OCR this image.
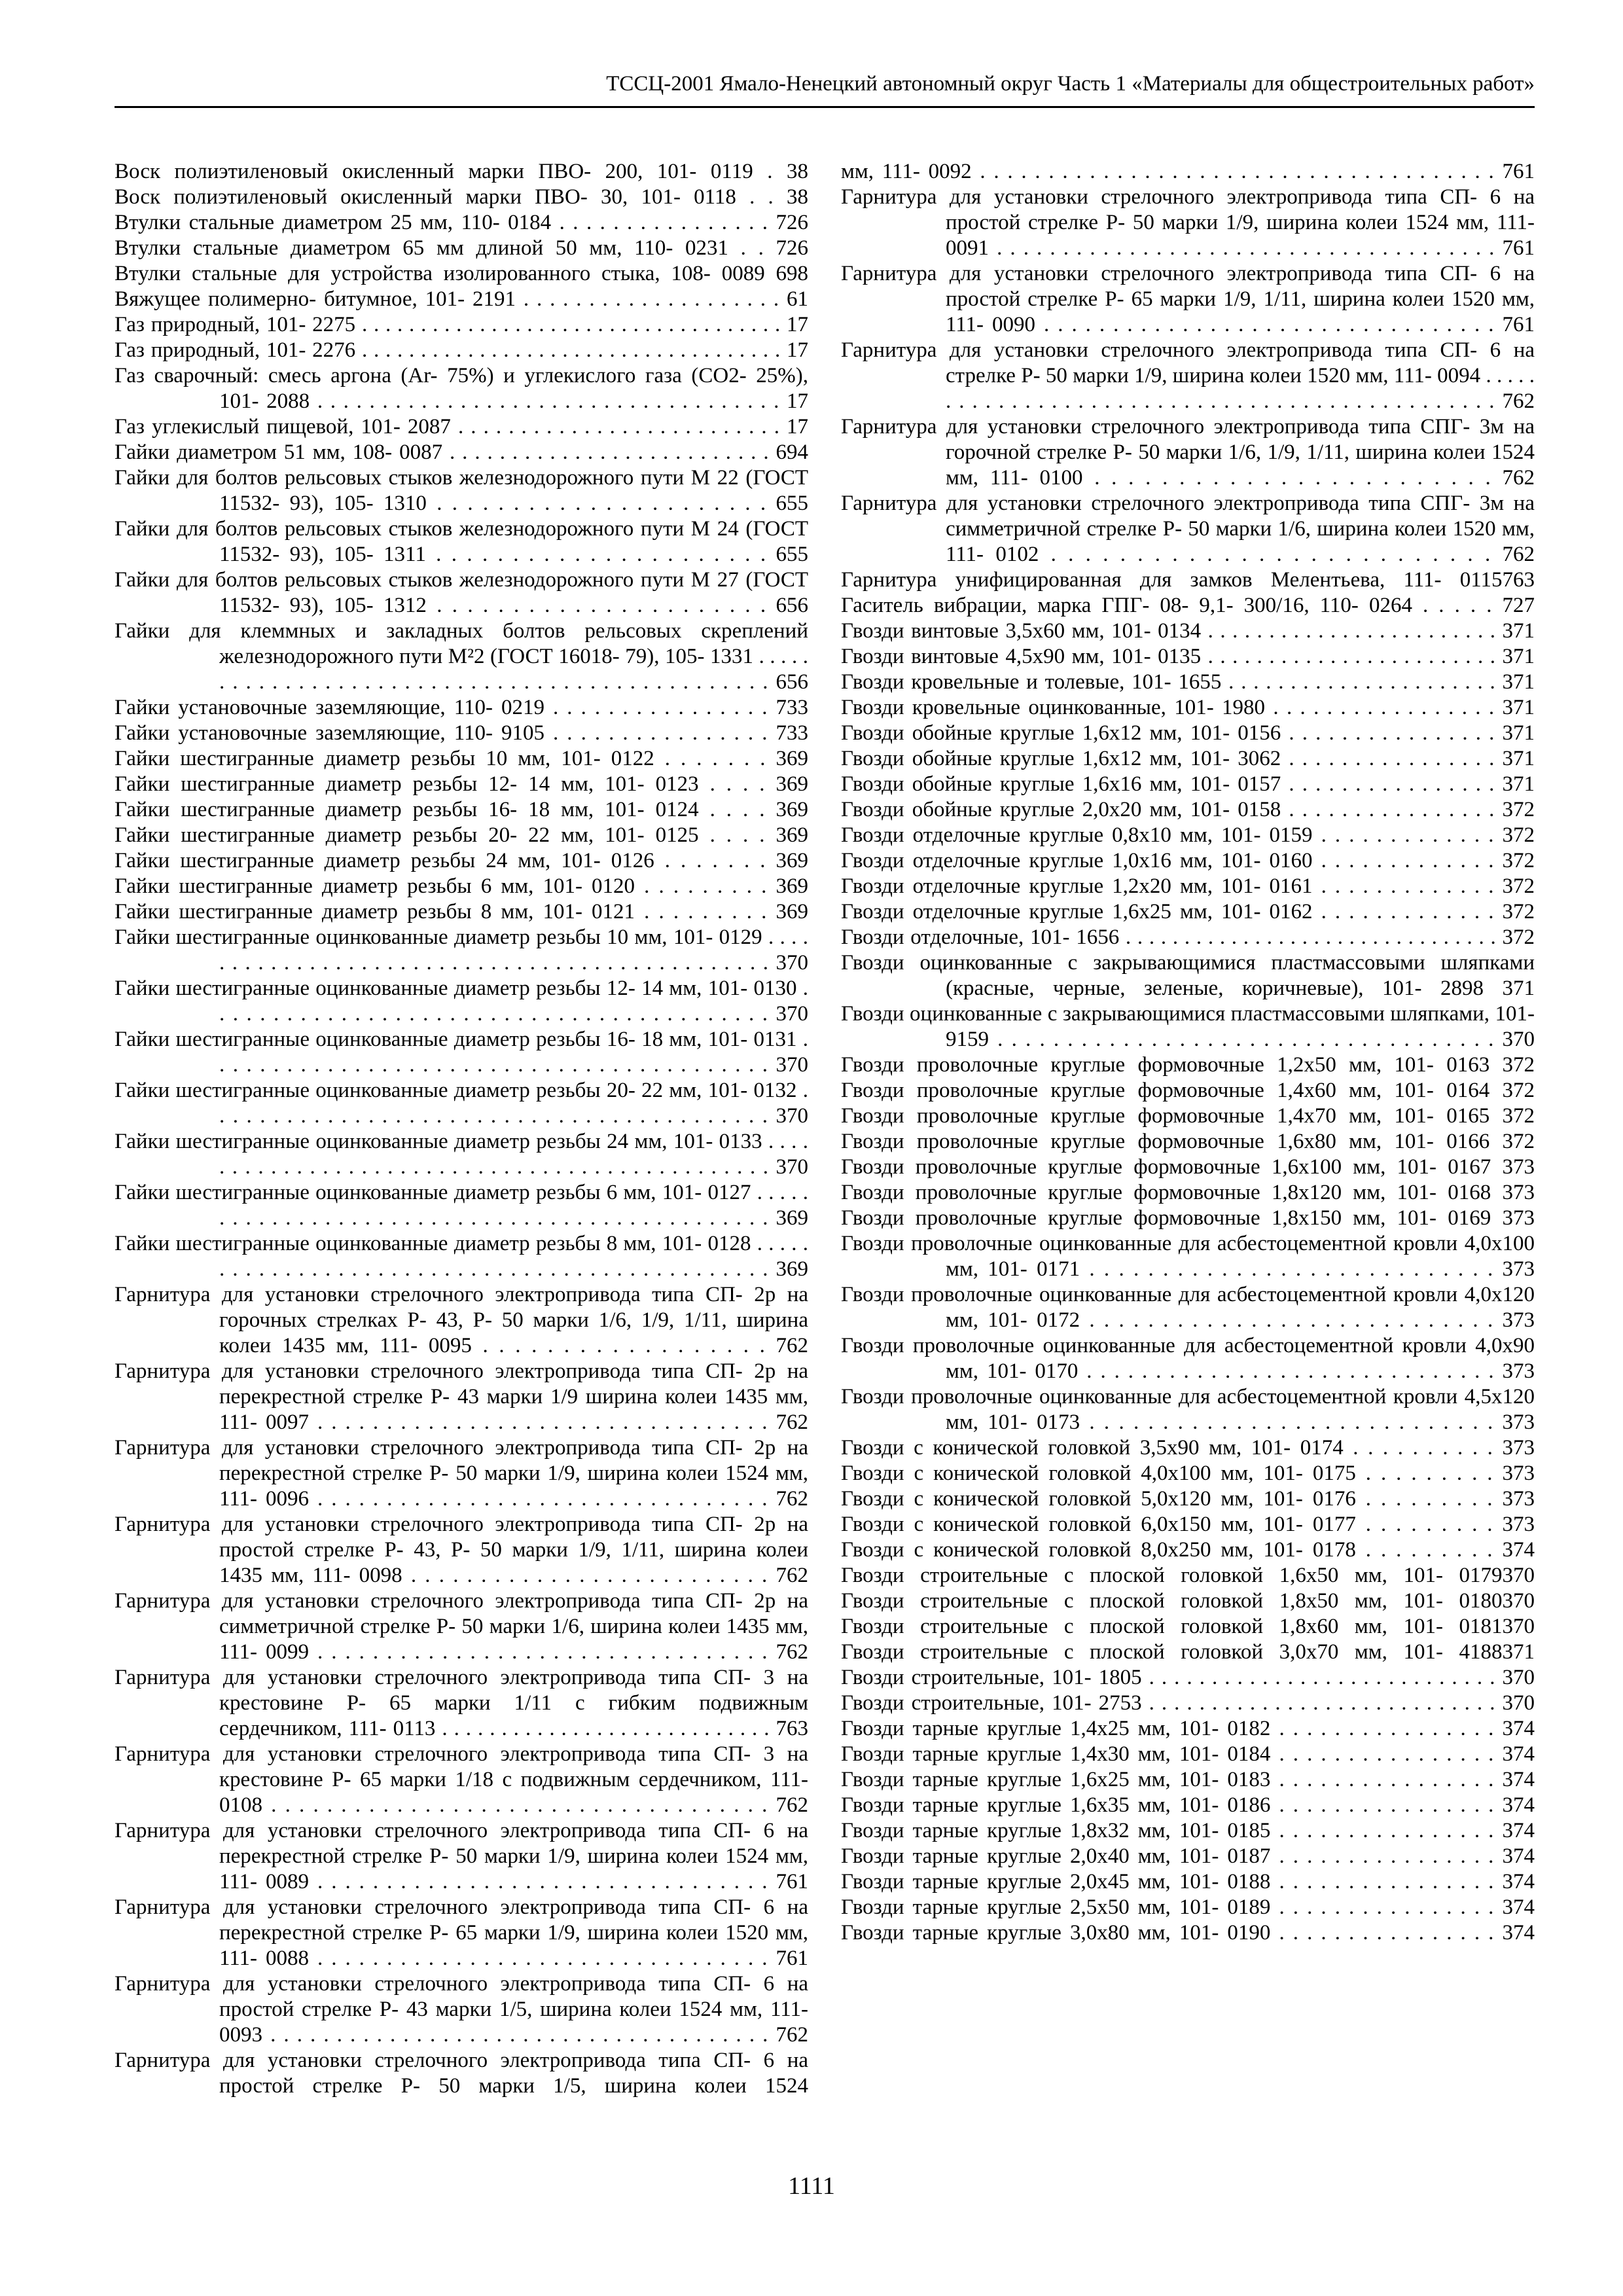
ТССЦ-2001 Ямало-Ненецкий автономный округ Часть 1 «Материалы для общестроительных работ»
Воск полиэтиленовый окисленный марки ПВО- 200, 101- 0119 . 38
Воск полиэтиленовый окисленный марки ПВО- 30, 101- 0118 . . 38
Втулки стальные диаметром 25 мм, 110- 0184 . . . . . . . . . . . . . . . . 726
Втулки стальные диаметром 65 мм длиной 50 мм, 110- 0231 . . 726
Втулки стальные для устройства изолированного стыка, 108- 0089 698
Вяжущее полимерно- битумное, 101- 2191 . . . . . . . . . . . . . . . . . . . . 61
Газ природный, 101- 2275 . . . . . . . . . . . . . . . . . . . . . . . . . . . . . . . . . . . . 17
Газ природный, 101- 2276 . . . . . . . . . . . . . . . . . . . . . . . . . . . . . . . . . . . . 17
Газ сварочный: смесь аргона (Ar- 75%) и углекислого газа (СО2- 25%), 101- 2088 . . . . . . . . . . . . . . . . . . . . . . . . . . . . . . . . . . . . 17
Газ углекислый пищевой, 101- 2087 . . . . . . . . . . . . . . . . . . . . . . . . . . 17
Гайки диаметром 51 мм, 108- 0087 . . . . . . . . . . . . . . . . . . . . . . . . . . 694
Гайки для болтов рельсовых стыков железнодорожного пути М 22 (ГОСТ 11532- 93), 105- 1310 . . . . . . . . . . . . . . . . . . . . . . 655
Гайки для болтов рельсовых стыков железнодорожного пути М 24 (ГОСТ 11532- 93), 105- 1311 . . . . . . . . . . . . . . . . . . . . . . 655
Гайки для болтов рельсовых стыков железнодорожного пути М 27 (ГОСТ 11532- 93), 105- 1312 . . . . . . . . . . . . . . . . . . . . . . 656
Гайки для клеммных и закладных болтов рельсовых скреплений железнодорожного пути М²2 (ГОСТ 16018- 79), 105- 1331 . . . . . . . . . . . . . . . . . . . . . . . . . . . . . . . . . . . . . . . . . . . . . . . 656
Гайки установочные заземляющие, 110- 0219 . . . . . . . . . . . . . . . . 733
Гайки установочные заземляющие, 110- 9105 . . . . . . . . . . . . . . . . 733
Гайки шестигранные диаметр резьбы 10 мм, 101- 0122 . . . . . . . 369
Гайки шестигранные диаметр резьбы 12- 14 мм, 101- 0123 . . . . 369
Гайки шестигранные диаметр резьбы 16- 18 мм, 101- 0124 . . . . 369
Гайки шестигранные диаметр резьбы 20- 22 мм, 101- 0125 . . . . 369
Гайки шестигранные диаметр резьбы 24 мм, 101- 0126 . . . . . . . 369
Гайки шестигранные диаметр резьбы 6 мм, 101- 0120 . . . . . . . . . 369
Гайки шестигранные диаметр резьбы 8 мм, 101- 0121 . . . . . . . . . 369
Гайки шестигранные оцинкованные диаметр резьбы 10 мм, 101- 0129 . . . . . . . . . . . . . . . . . . . . . . . . . . . . . . . . . . . . . . . . . . . . . . . 370
Гайки шестигранные оцинкованные диаметр резьбы 12- 14 мм, 101- 0130 . . . . . . . . . . . . . . . . . . . . . . . . . . . . . . . . . . . . . . . . . . 370
Гайки шестигранные оцинкованные диаметр резьбы 16- 18 мм, 101- 0131 . . . . . . . . . . . . . . . . . . . . . . . . . . . . . . . . . . . . . . . . . . 370
Гайки шестигранные оцинкованные диаметр резьбы 20- 22 мм, 101- 0132 . . . . . . . . . . . . . . . . . . . . . . . . . . . . . . . . . . . . . . . . . . 370
Гайки шестигранные оцинкованные диаметр резьбы 24 мм, 101- 0133 . . . . . . . . . . . . . . . . . . . . . . . . . . . . . . . . . . . . . . . . . . . . . . . 370
Гайки шестигранные оцинкованные диаметр резьбы 6 мм, 101- 0127 . . . . . . . . . . . . . . . . . . . . . . . . . . . . . . . . . . . . . . . . . . . . . . . 369
Гайки шестигранные оцинкованные диаметр резьбы 8 мм, 101- 0128 . . . . . . . . . . . . . . . . . . . . . . . . . . . . . . . . . . . . . . . . . . . . . . . 369
Гарнитура для установки стрелочного электропривода типа СП- 2р на горочных стрелках Р- 43, Р- 50 марки 1/6, 1/9, 1/11, ширина колеи 1435 мм, 111- 0095 . . . . . . . . . . . . . . . . . . 762
Гарнитура для установки стрелочного электропривода типа СП- 2р на перекрестной стрелке Р- 43 марки 1/9 ширина колеи 1435 мм, 111- 0097 . . . . . . . . . . . . . . . . . . . . . . . . . . . . . . . . . 762
Гарнитура для установки стрелочного электропривода типа СП- 2р на перекрестной стрелке Р- 50 марки 1/9, ширина колеи 1524 мм, 111- 0096 . . . . . . . . . . . . . . . . . . . . . . . . . . . . . . . . . 762
Гарнитура для установки стрелочного электропривода типа СП- 2р на простой стрелке Р- 43, Р- 50 марки 1/9, 1/11, ширина колеи 1435 мм, 111- 0098 . . . . . . . . . . . . . . . . . . . . . . . . . . 762
Гарнитура для установки стрелочного электропривода типа СП- 2р на симметричной стрелке Р- 50 марки 1/6, ширина колеи 1435 мм, 111- 0099 . . . . . . . . . . . . . . . . . . . . . . . . . . . . . . . . . 762
Гарнитура для установки стрелочного электропривода типа СП- 3 на крестовине Р- 65 марки 1/11 с гибким подвижным сердечником, 111- 0113 . . . . . . . . . . . . . . . . . . . . . . . . . . . . 763
Гарнитура для установки стрелочного электропривода типа СП- 3 на крестовине Р- 65 марки 1/18 с подвижным сердечником, 111- 0108 . . . . . . . . . . . . . . . . . . . . . . . . . . . . . . . . . . . . 762
Гарнитура для установки стрелочного электропривода типа СП- 6 на перекрестной стрелке Р- 50 марки 1/9, ширина колеи 1524 мм, 111- 0089 . . . . . . . . . . . . . . . . . . . . . . . . . . . . . . . . . 761
Гарнитура для установки стрелочного электропривода типа СП- 6 на перекрестной стрелке Р- 65 марки 1/9, ширина колеи 1520 мм, 111- 0088 . . . . . . . . . . . . . . . . . . . . . . . . . . . . . . . . . 761
Гарнитура для установки стрелочного электропривода типа СП- 6 на простой стрелке Р- 43 марки 1/5, ширина колеи 1524 мм, 111- 0093 . . . . . . . . . . . . . . . . . . . . . . . . . . . . . . . . . . . . . . 762
Гарнитура для установки стрелочного электропривода типа СП- 6 на простой стрелке Р- 50 марки 1/5, ширина колеи 1524
мм, 111- 0092 . . . . . . . . . . . . . . . . . . . . . . . . . . . . . . . . . . . . . . 761
Гарнитура для установки стрелочного электропривода типа СП- 6 на простой стрелке Р- 50 марки 1/9, ширина колеи 1524 мм, 111- 0091 . . . . . . . . . . . . . . . . . . . . . . . . . . . . . . . . . . . . . . 761
Гарнитура для установки стрелочного электропривода типа СП- 6 на простой стрелке Р- 65 марки 1/9, 1/11, ширина колеи 1520 мм, 111- 0090 . . . . . . . . . . . . . . . . . . . . . . . . . . . . . . . . . 761
Гарнитура для установки стрелочного электропривода типа СП- 6 на стрелке Р- 50 марки 1/9, ширина колеи 1520 мм, 111- 0094 . . . . . . . . . . . . . . . . . . . . . . . . . . . . . . . . . . . . . . . . . . . . . . . 762
Гарнитура для установки стрелочного электропривода типа СПГ- 3м на горочной стрелке Р- 50 марки 1/6, 1/9, 1/11, ширина колеи 1524 мм, 111- 0100 . . . . . . . . . . . . . . . . . . . . . . . . 762
Гарнитура для установки стрелочного электропривода типа СПГ- 3м на симметричной стрелке Р- 50 марки 1/6, ширина колеи 1520 мм, 111- 0102 . . . . . . . . . . . . . . . . . . . . . . . . . . 762
Гарнитура унифицированная для замков Мелентьева, 111- 0115763
Гаситель вибрации, марка ГПГ- 08- 9,1- 300/16, 110- 0264 . . . . . 727
Гвозди винтовые 3,5х60 мм, 101- 0134 . . . . . . . . . . . . . . . . . . . . . . . . 371
Гвозди винтовые 4,5х90 мм, 101- 0135 . . . . . . . . . . . . . . . . . . . . . . . . 371
Гвозди кровельные и толевые, 101- 1655 . . . . . . . . . . . . . . . . . . . . . . 371
Гвозди кровельные оцинкованные, 101- 1980 . . . . . . . . . . . . . . . . . 371
Гвозди обойные круглые 1,6х12 мм, 101- 0156 . . . . . . . . . . . . . . . . 371
Гвозди обойные круглые 1,6х12 мм, 101- 3062 . . . . . . . . . . . . . . . . 371
Гвозди обойные круглые 1,6х16 мм, 101- 0157 . . . . . . . . . . . . . . . . 371
Гвозди обойные круглые 2,0х20 мм, 101- 0158 . . . . . . . . . . . . . . . . 372
Гвозди отделочные круглые 0,8х10 мм, 101- 0159 . . . . . . . . . . . . . 372
Гвозди отделочные круглые 1,0х16 мм, 101- 0160 . . . . . . . . . . . . . 372
Гвозди отделочные круглые 1,2х20 мм, 101- 0161 . . . . . . . . . . . . . 372
Гвозди отделочные круглые 1,6х25 мм, 101- 0162 . . . . . . . . . . . . . 372
Гвозди отделочные, 101- 1656 . . . . . . . . . . . . . . . . . . . . . . . . . . . . . . . . 372
Гвозди оцинкованные с закрывающимися пластмассовыми шляпками (красные, черные, зеленые, коричневые), 101- 2898 371
Гвозди оцинкованные с закрывающимися пластмассовыми шляпками, 101- 9159 . . . . . . . . . . . . . . . . . . . . . . . . . . . . . . . . . . . . 370
Гвозди проволочные круглые формовочные 1,2х50 мм, 101- 0163 372
Гвозди проволочные круглые формовочные 1,4х60 мм, 101- 0164 372
Гвозди проволочные круглые формовочные 1,4х70 мм, 101- 0165 372
Гвозди проволочные круглые формовочные 1,6х80 мм, 101- 0166 372
Гвозди проволочные круглые формовочные 1,6х100 мм, 101- 0167 373
Гвозди проволочные круглые формовочные 1,8х120 мм, 101- 0168 373
Гвозди проволочные круглые формовочные 1,8х150 мм, 101- 0169 373
Гвозди проволочные оцинкованные для асбестоцементной кровли 4,0х100 мм, 101- 0171 . . . . . . . . . . . . . . . . . . . . . . . . . . . . 373
Гвозди проволочные оцинкованные для асбестоцементной кровли 4,0х120 мм, 101- 0172 . . . . . . . . . . . . . . . . . . . . . . . . . . . . 373
Гвозди проволочные оцинкованные для асбестоцементной кровли 4,0х90 мм, 101- 0170 . . . . . . . . . . . . . . . . . . . . . . . . . . . . . . 373
Гвозди проволочные оцинкованные для асбестоцементной кровли 4,5х120 мм, 101- 0173 . . . . . . . . . . . . . . . . . . . . . . . . . . . . 373
Гвозди с конической головкой 3,5х90 мм, 101- 0174 . . . . . . . . . . 373
Гвозди с конической головкой 4,0х100 мм, 101- 0175 . . . . . . . . . 373
Гвозди с конической головкой 5,0х120 мм, 101- 0176 . . . . . . . . . 373
Гвозди с конической головкой 6,0х150 мм, 101- 0177 . . . . . . . . . 373
Гвозди с конической головкой 8,0х250 мм, 101- 0178 . . . . . . . . . 374
Гвозди строительные с плоской головкой 1,6х50 мм, 101- 0179370
Гвозди строительные с плоской головкой 1,8х50 мм, 101- 0180370
Гвозди строительные с плоской головкой 1,8х60 мм, 101- 0181370
Гвозди строительные с плоской головкой 3,0х70 мм, 101- 4188371
Гвозди строительные, 101- 1805 . . . . . . . . . . . . . . . . . . . . . . . . . . . . 370
Гвозди строительные, 101- 2753 . . . . . . . . . . . . . . . . . . . . . . . . . . . . 370
Гвозди тарные круглые 1,4х25 мм, 101- 0182 . . . . . . . . . . . . . . . . 374
Гвозди тарные круглые 1,4х30 мм, 101- 0184 . . . . . . . . . . . . . . . . 374
Гвозди тарные круглые 1,6х25 мм, 101- 0183 . . . . . . . . . . . . . . . . 374
Гвозди тарные круглые 1,6х35 мм, 101- 0186 . . . . . . . . . . . . . . . . 374
Гвозди тарные круглые 1,8х32 мм, 101- 0185 . . . . . . . . . . . . . . . . 374
Гвозди тарные круглые 2,0х40 мм, 101- 0187 . . . . . . . . . . . . . . . . 374
Гвозди тарные круглые 2,0х45 мм, 101- 0188 . . . . . . . . . . . . . . . . 374
Гвозди тарные круглые 2,5х50 мм, 101- 0189 . . . . . . . . . . . . . . . . 374
Гвозди тарные круглые 3,0х80 мм, 101- 0190 . . . . . . . . . . . . . . . . 374
1111
